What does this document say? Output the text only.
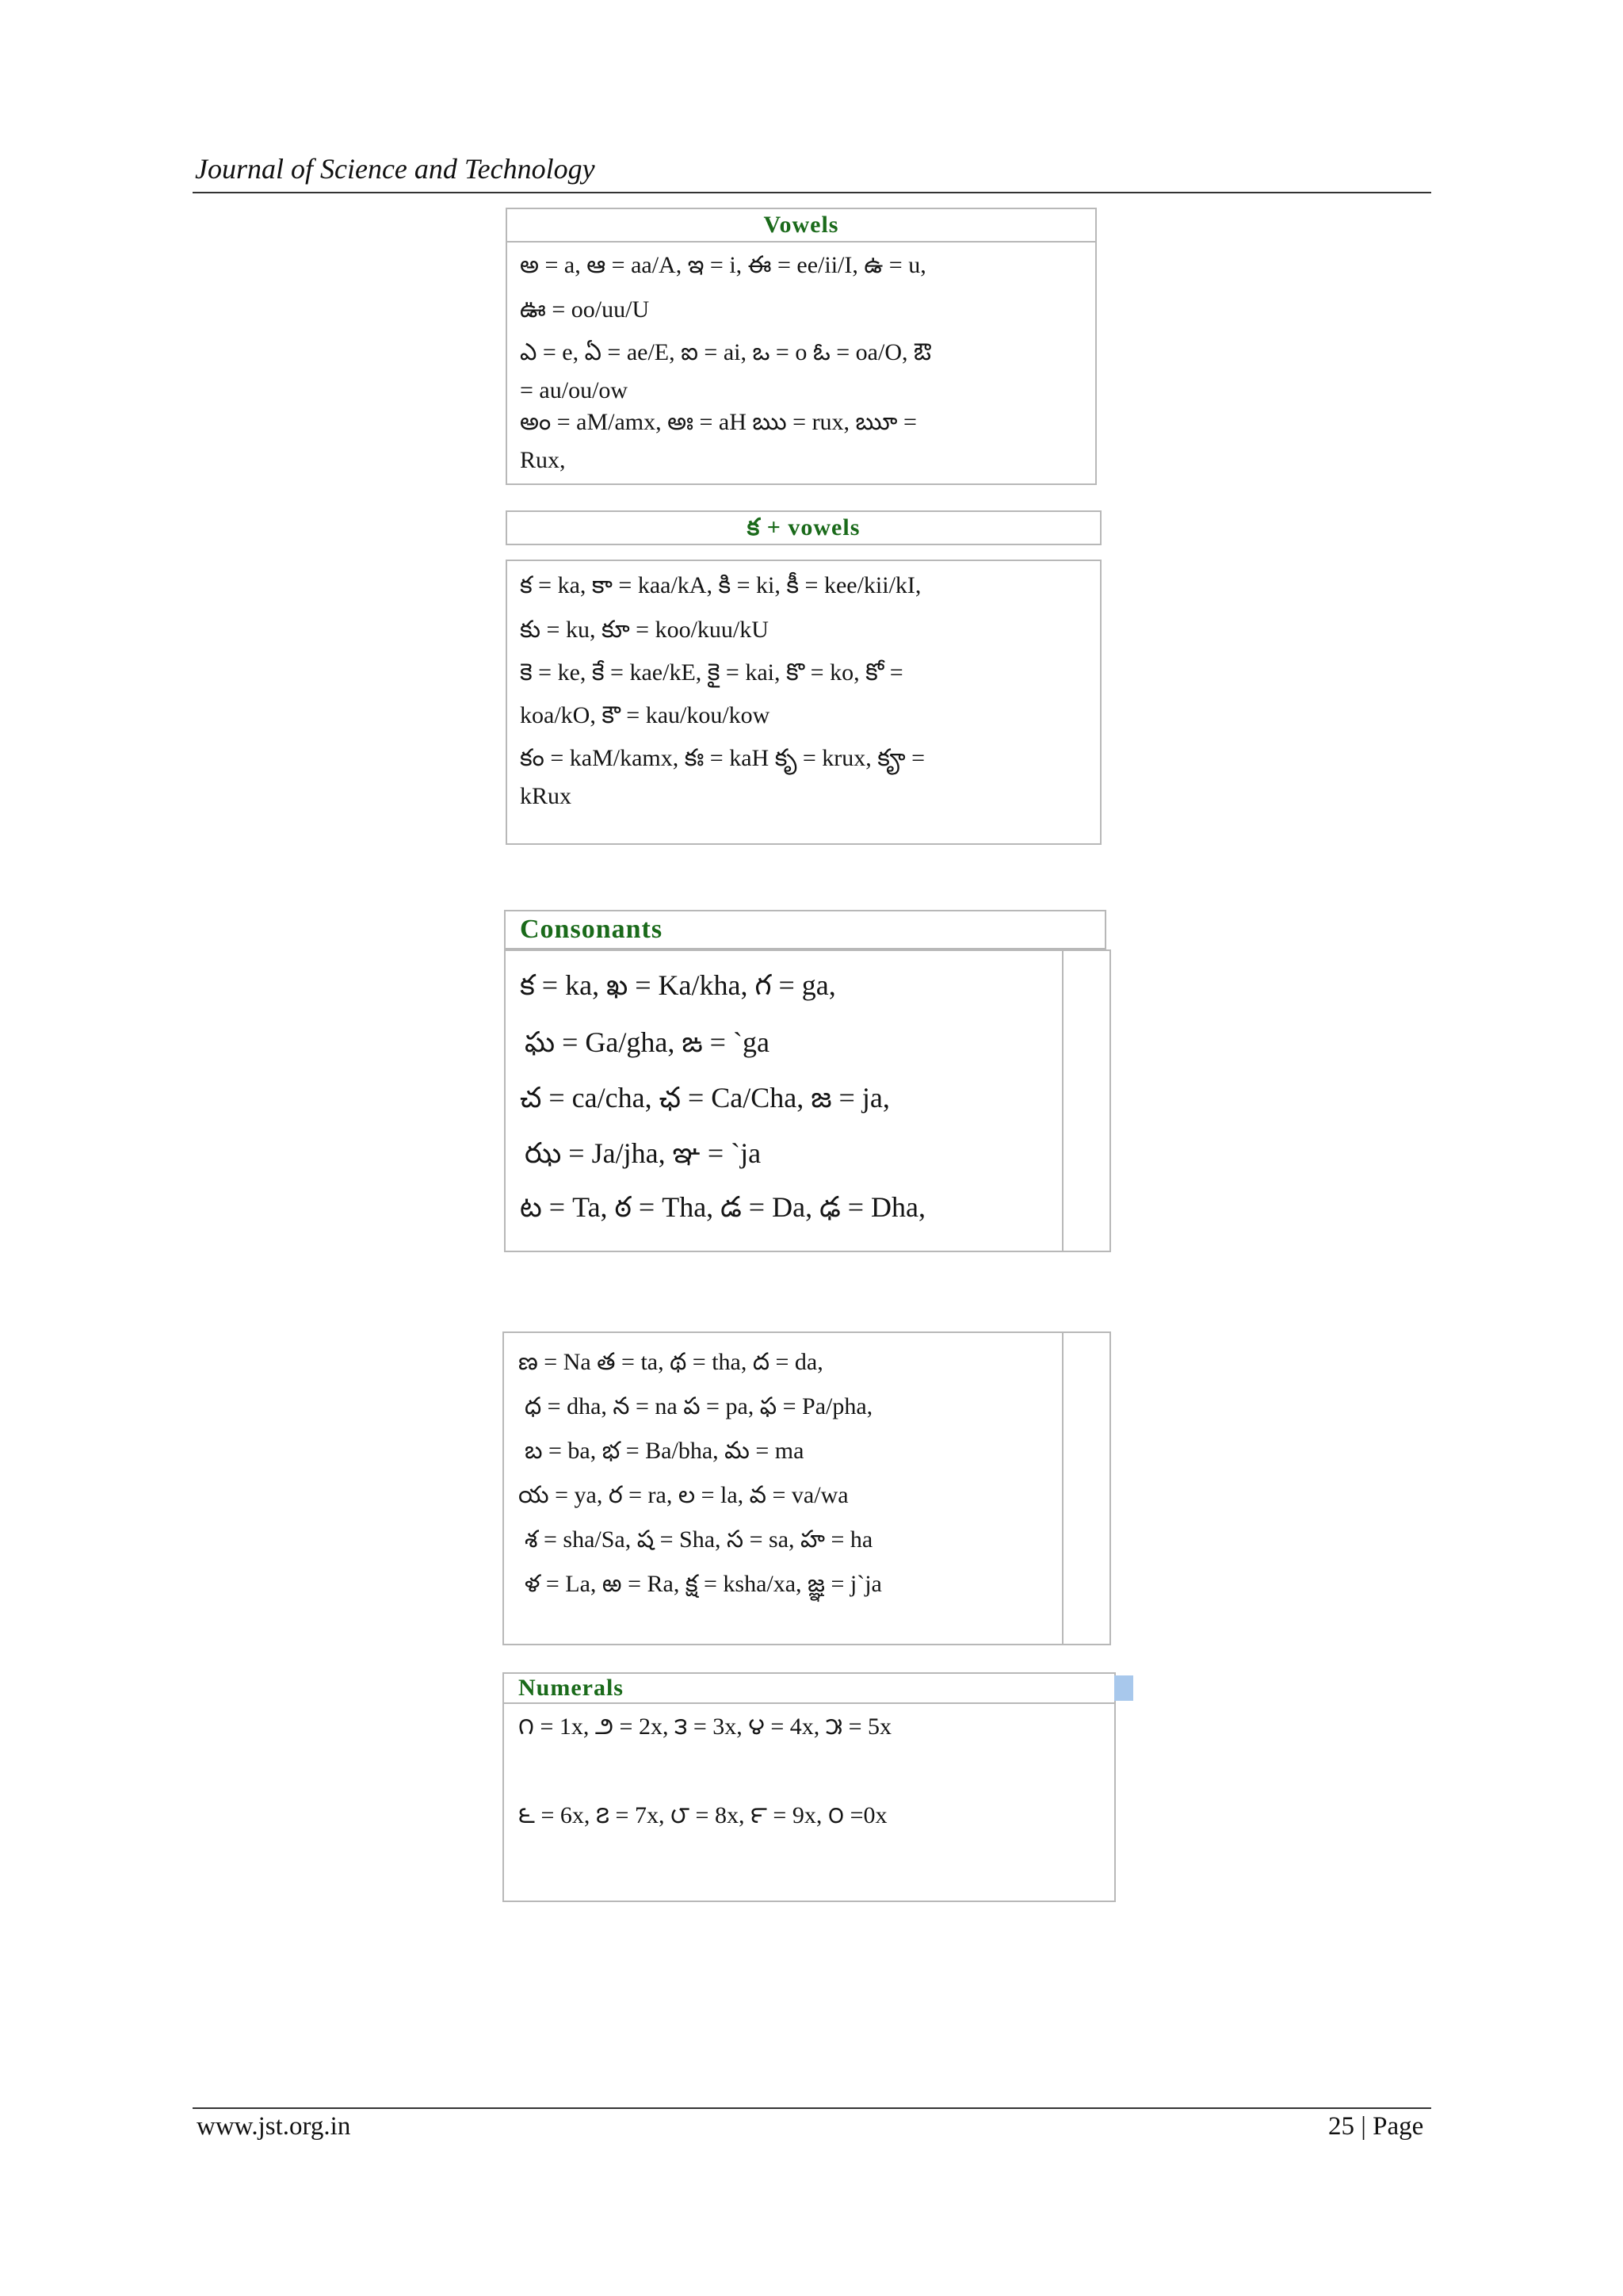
Journal of Science and Technology
Vowels
అ = a, ఆ = aa/A, ఇ = i, ఈ = ee/ii/I, ఉ = u,
ఊ = oo/uu/U
ఎ = e, ఏ = ae/E, ఐ = ai, ఒ = o ఓ = oa/O, ఔ
= au/ou/ow
అం = aM/amx, అః = aH ఋ = rux, ౠ =
Rux,
క + vowels
క = ka, కా = kaa/kA, కి = ki, కీ = kee/kii/kI,
కు = ku, కూ = koo/kuu/kU
కె = ke, కే = kae/kE, కై = kai, కొ = ko, కో =
koa/kO, కౌ = kau/kou/kow
కం = kaM/kamx, కః = kaH కృ = krux, కౄ =
kRux
Consonants
క = ka, ఖ = Ka/kha, గ = ga,
ఘ = Ga/gha, ఙ = `ga
చ = ca/cha, ఛ = Ca/Cha, జ = ja,
ఝ = Ja/jha, ఞ = `ja
ట = Ta, ఠ = Tha, డ = Da, ఢ = Dha,
ణ = Na త = ta, థ = tha, ద = da,
ధ = dha, న = na ప = pa, ఫ = Pa/pha,
బ = ba, భ = Ba/bha, మ = ma
య = ya, ర = ra, ల = la, వ = va/wa
శ = sha/Sa, ష = Sha, స = sa, హ = ha
ళ = La, ఱ = Ra, క్ష = ksha/xa, జ్ఞ = j`ja
Numerals
౧ = 1x, ౨ = 2x, ౩ = 3x, ౪ = 4x, ౫ = 5x
౬ = 6x, ౭ = 7x, ౮ = 8x, ౯ = 9x, ౦ =0x
www.jst.org.in	25 | Page
